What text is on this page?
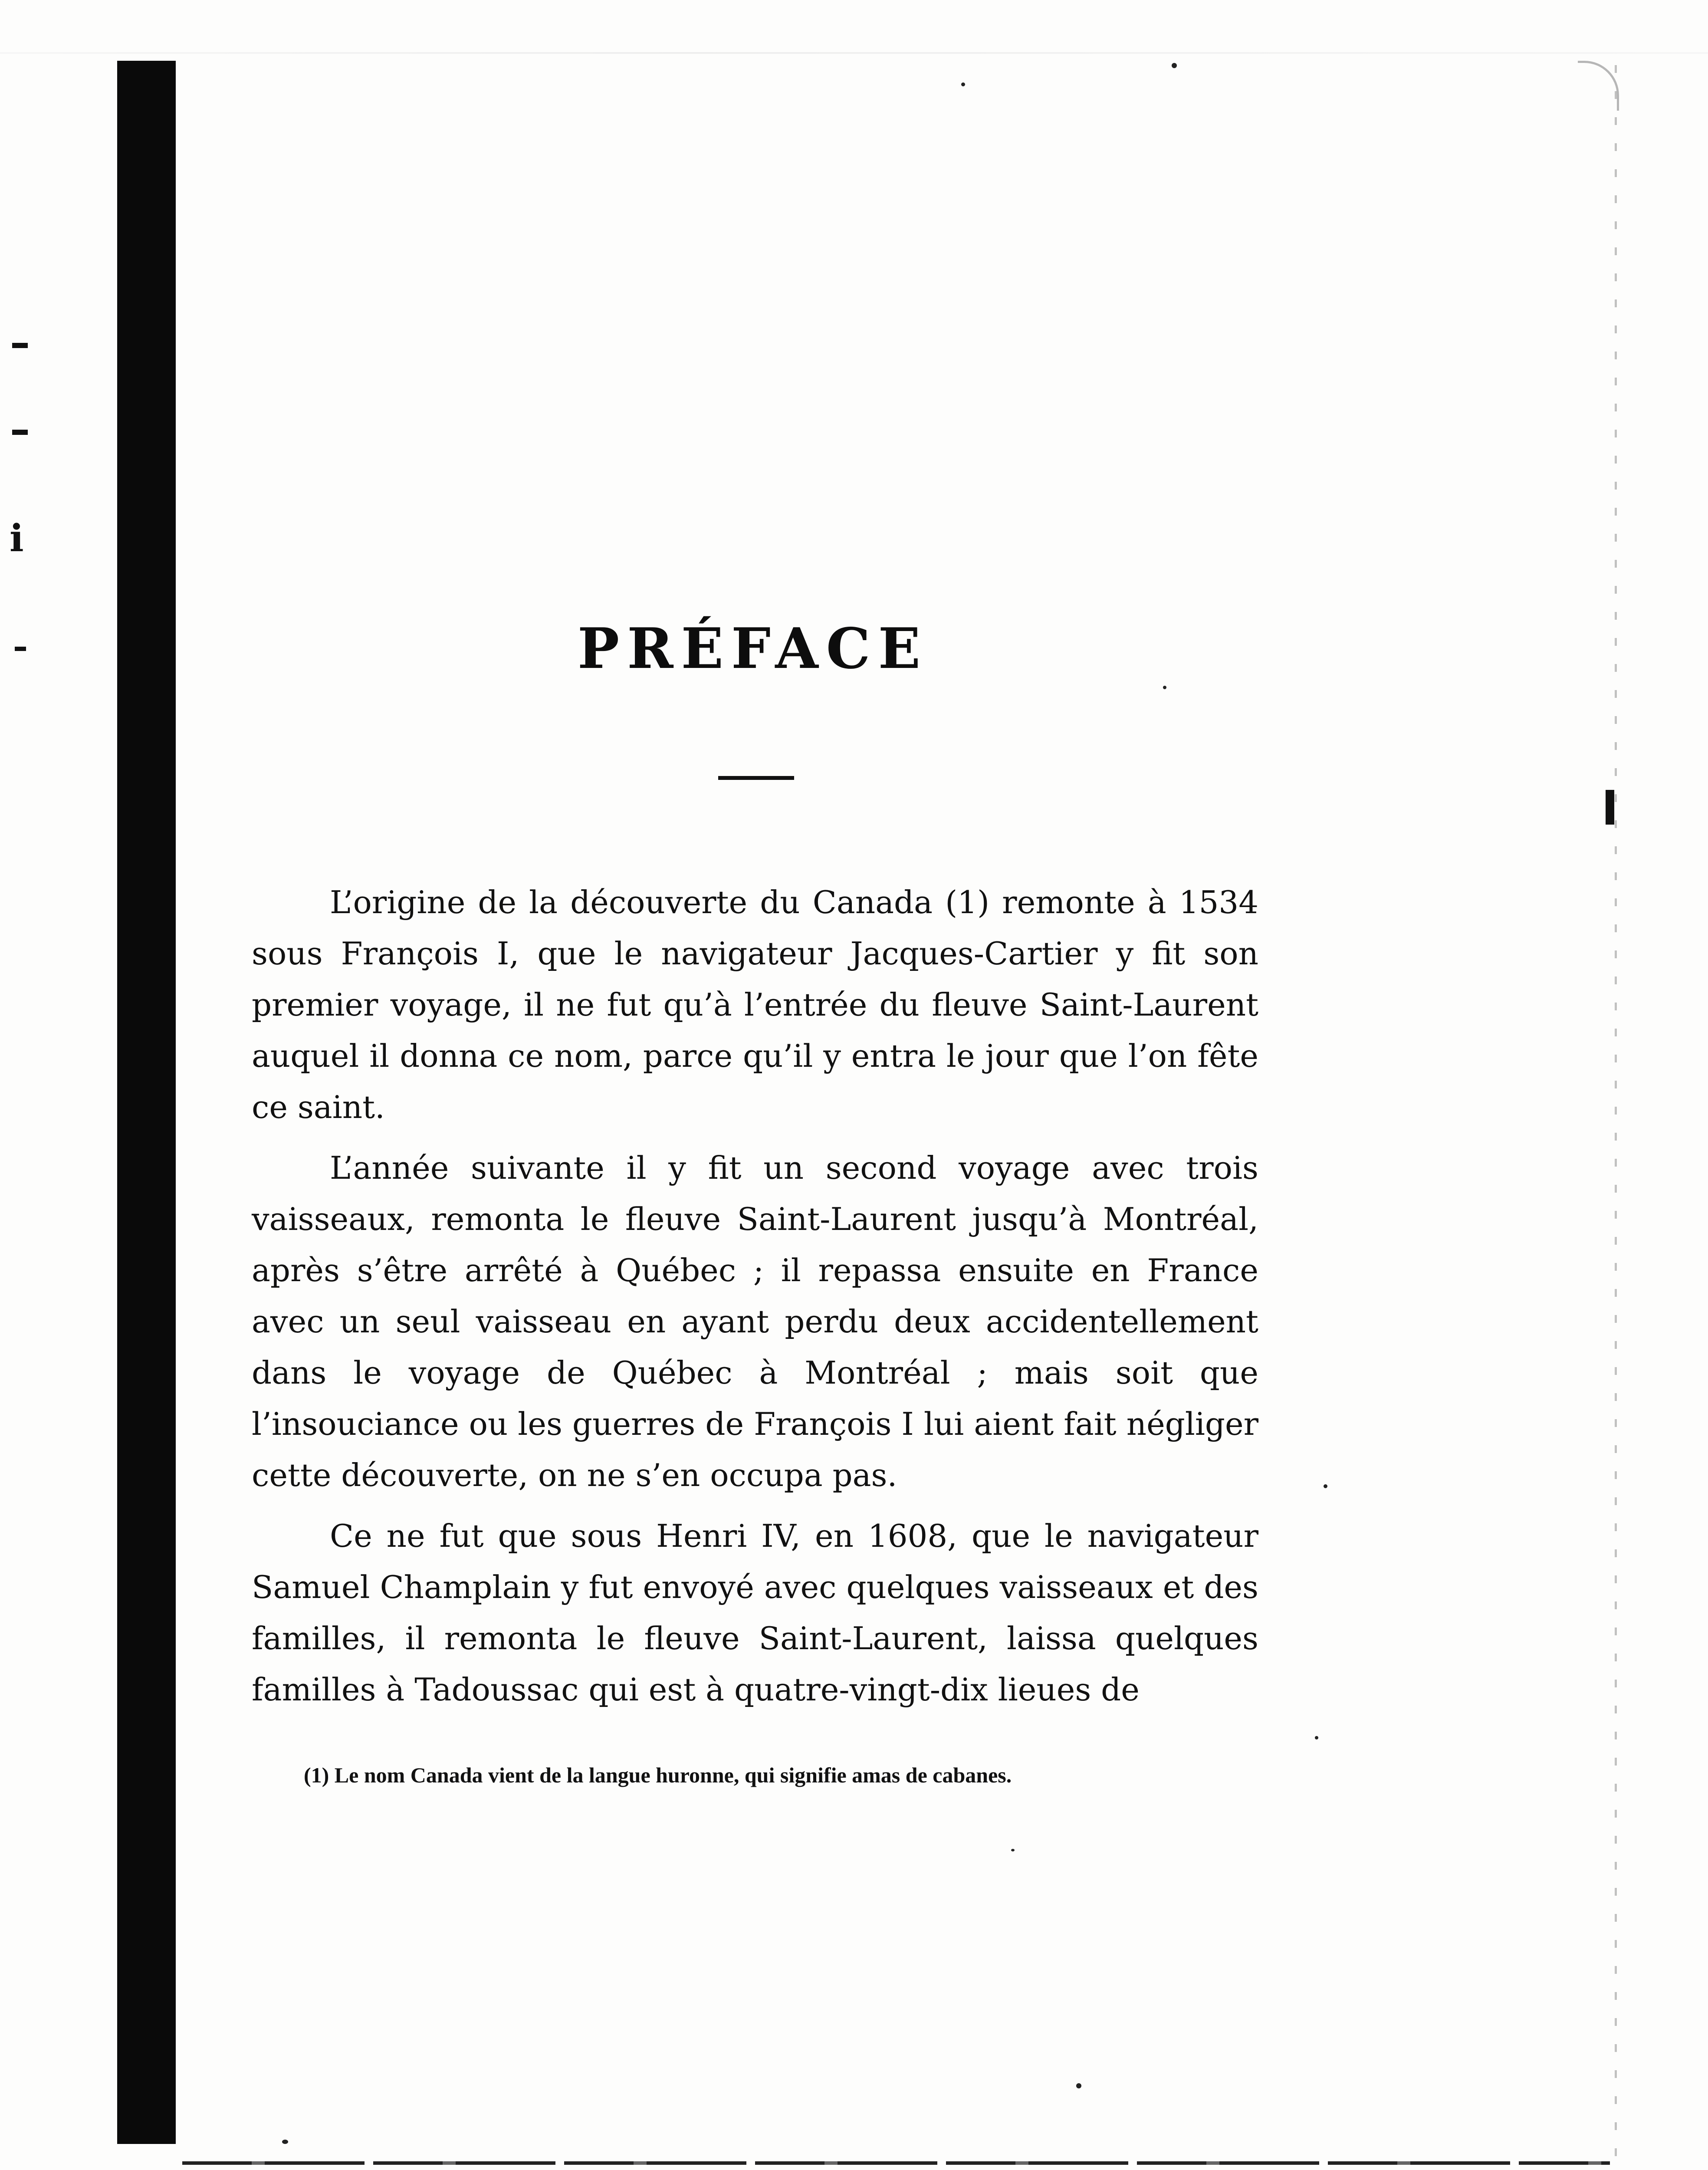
i
PRÉFACE

L’origine de la découverte du Canada (1) remonte à 1534 sous François I, que le navigateur Jacques-Cartier y fit son premier voyage, il ne fut qu’à l’entrée du fleuve Saint-Laurent auquel il donna ce nom, parce qu’il y entra le jour que l’on fête ce saint.

L’année suivante il y fit un second voyage avec trois vaisseaux, remonta le fleuve Saint-Laurent jusqu’à Montréal, après s’être arrêté à Québec ; il repassa ensuite en France avec un seul vaisseau en ayant perdu deux accidentellement dans le voyage de Québec à Montréal ; mais soit que l’insouciance ou les guerres de François I lui aient fait négliger cette découverte, on ne s’en occupa pas.

Ce ne fut que sous Henri IV, en 1608, que le navigateur Samuel Champlain y fut envoyé avec quelques vaisseaux et des familles, il remonta le fleuve Saint-Laurent, laissa quelques familles à Tadoussac qui est à quatre-vingt-dix lieues de

(1) Le nom Canada vient de la langue huronne, qui signifie amas de cabanes.
